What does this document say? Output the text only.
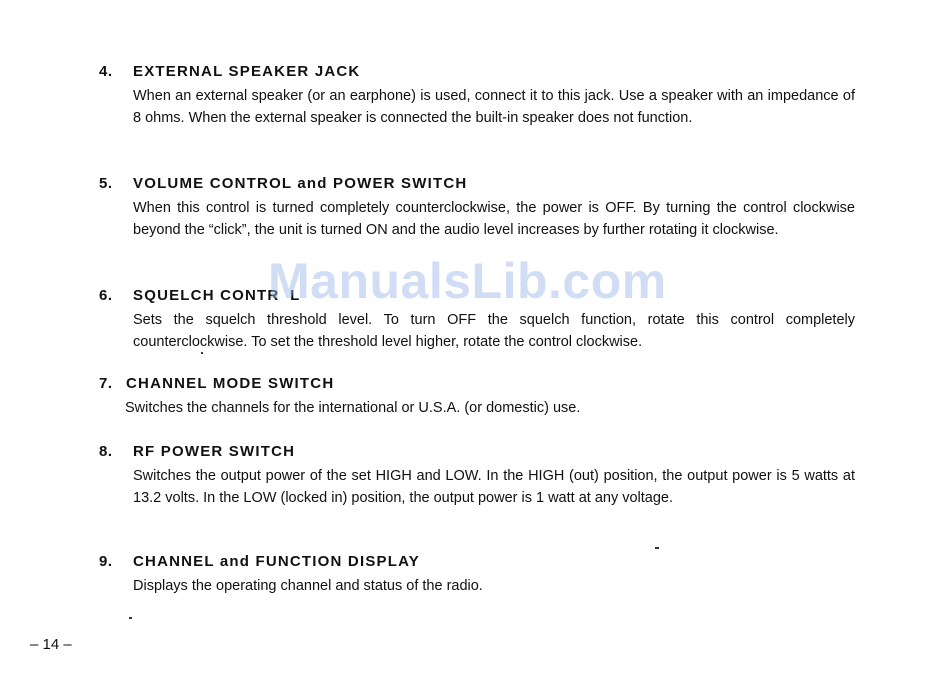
4. EXTERNAL SPEAKER JACK
When an external speaker (or an earphone) is used, connect it to this jack. Use a speaker with an impedance of 8 ohms. When the external speaker is connected the built-in speaker does not function.
5. VOLUME CONTROL and POWER SWITCH
When this control is turned completely counterclockwise, the power is OFF. By turning the control clockwise beyond the “click”, the unit is turned ON and the audio level increases by further rotating it clockwise.
6. SQUELCH CONTR  L
Sets the squelch threshold level. To turn OFF the squelch function, rotate this control completely counterclockwise. To set the threshold level higher, rotate the control clockwise.
7. CHANNEL MODE SWITCH
Switches the channels for the international or U.S.A. (or domestic) use.
8. RF POWER SWITCH
Switches the output power of the set HIGH and LOW. In the HIGH (out) position, the output power is 5 watts at 13.2 volts. In the LOW (locked in) position, the output power is 1 watt at any voltage.
9. CHANNEL and FUNCTION DISPLAY
Displays the operating channel and status of the radio.
ManualsLib.com
– 14 –
